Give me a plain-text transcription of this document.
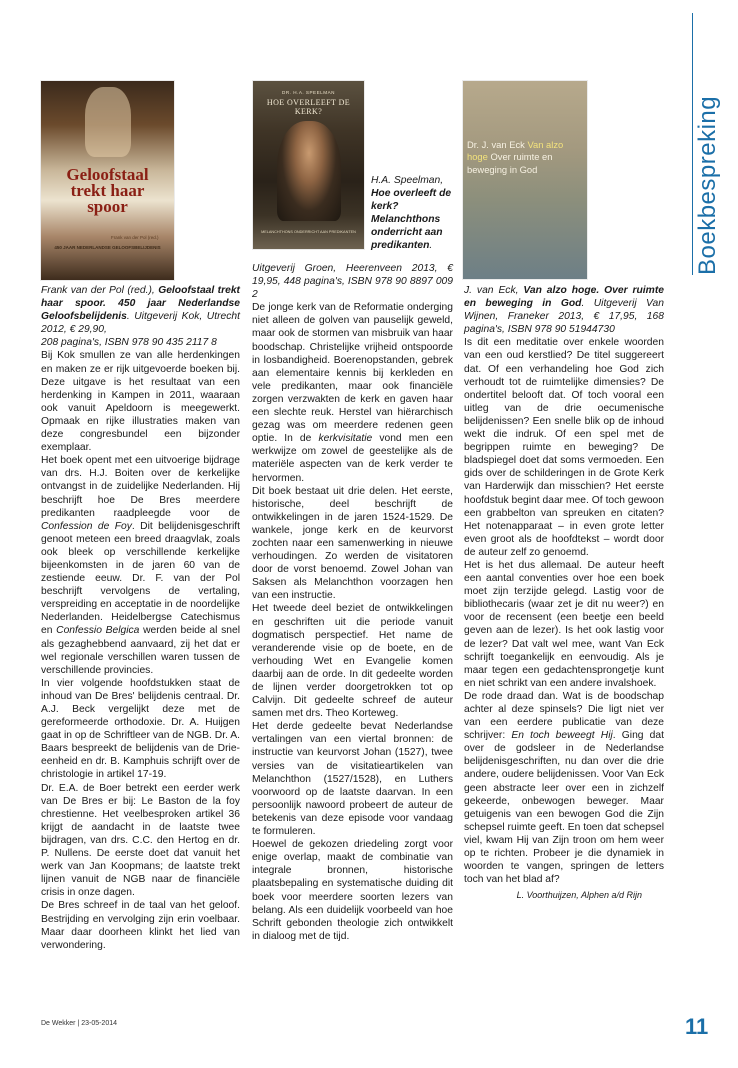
Boekbespreking
Geloofstaal trekt haar spoor
Frank van der Pol (red.)
450 JAAR NEDERLANDSE GELOOFSBELIJDENIS
DR. H.A. SPEELMAN
HOE OVERLEEFT DE KERK?
MELANCHTHONS ONDERRICHT AAN PREDIKANTEN
H.A. Speelman,
Hoe overleeft de kerk? Melanchthons onderricht aan predikanten.
Dr. J. van Eck Van alzo hoge Over ruimte en beweging in God

Frank van der Pol (red.), Geloofstaal trekt haar spoor. 450 jaar Nederlandse Geloofsbelijdenis. Uitgeverij Kok, Utrecht 2012, € 29,90,
208 pagina's, ISBN 978 90 435 2117 8

Bij Kok smullen ze van alle herdenkingen en maken ze er rijk uitgevoerde boeken bij. Deze uitgave is het resultaat van een herdenking in Kampen in 2011, waaraan ook vanuit Apeldoorn is meegewerkt. Opmaak en rijke illustraties maken van deze congresbundel een bijzonder exemplaar.

Het boek opent met een uitvoerige bijdrage van drs. H.J. Boiten over de kerkelijke ontvangst in de zuidelijke Nederlanden. Hij beschrijft hoe De Bres meerdere predikanten raadpleegde voor de Confession de Foy. Dit belijdenisgeschrift genoot meteen een breed draagvlak, zoals ook bleek op verschillende kerkelijke bijeenkomsten in de jaren 60 van de zestiende eeuw. Dr. F. van der Pol beschrijft vervolgens de vertaling, verspreiding en acceptatie in de noordelijke Nederlanden. Heidelbergse Catechismus en Confessio Belgica werden beide al snel als gezaghebbend aanvaard, zij het dat er wel regionale verschillen waren tussen de verschillende provincies.

In vier volgende hoofdstukken staat de inhoud van De Bres' belijdenis centraal. Dr. A.J. Beck vergelijkt deze met de gereformeerde orthodoxie. Dr. A. Huijgen gaat in op de Schriftleer van de NGB. Dr. A. Baars bespreekt de belijdenis van de Drie-eenheid en dr. B. Kamphuis schrijft over de christologie in artikel 17-19.

Dr. E.A. de Boer betrekt een eerder werk van De Bres er bij: Le Baston de la foy chrestienne. Het veelbesproken artikel 36 krijgt de aandacht in de laatste twee bijdragen, van drs. C.C. den Hertog en dr. P. Nullens. De eerste doet dat vanuit het werk van Jan Koopmans; de laatste trekt lijnen vanuit de NGB naar de financiële crisis in onze dagen.

De Bres schreef in de taal van het geloof. Bestrijding en vervolging zijn erin voelbaar. Maar daar doorheen klinkt het lied van verwondering.

Uitgeverij Groen, Heerenveen 2013, € 19,95, 448 pagina's, ISBN 978 90 8897 009 2

De jonge kerk van de Reformatie onderging niet alleen de golven van pauselijk geweld, maar ook de stormen van misbruik van haar boodschap. Christelijke vrijheid ontspoorde in losbandigheid. Boerenopstanden, gebrek aan elementaire kennis bij kerkleden en vele predikanten, maar ook financiële zorgen verzwakten de kerk en gaven haar een slechte reuk. Herstel van hiërarchisch gezag was om meerdere redenen geen optie. In de kerkvisitatie vond men een werkwijze om zowel de geestelijke als de materiële aspecten van de kerk verder te hervormen.

Dit boek bestaat uit drie delen. Het eerste, historische, deel beschrijft de ontwikkelingen in de jaren 1524-1529. De wankele, jonge kerk en de keurvorst zochten naar een samenwerking in nieuwe verhoudingen. Zo werden de visitatoren door de vorst benoemd. Zowel Johan van Saksen als Melanchthon voorzagen hen van een instructie.

Het tweede deel beziet de ontwikkelingen en geschriften uit die periode vanuit dogmatisch perspectief. Het name de veranderende visie op de boete, en de verhouding Wet en Evangelie komen daarbij aan de orde. In dit gedeelte worden de lijnen verder doorgetrokken tot op Calvijn. Dit gedeelte schreef de auteur samen met drs. Theo Korteweg.

Het derde gedeelte bevat Nederlandse vertalingen van een viertal bronnen: de instructie van keurvorst Johan (1527), twee versies van de visitatieartikelen van Melanchthon (1527/1528), en Luthers voorwoord op de laatste daarvan. In een persoonlijk nawoord probeert de auteur de betekenis van deze episode voor vandaag te formuleren.

Hoewel de gekozen driedeling zorgt voor enige overlap, maakt de combinatie van integrale bronnen, historische plaatsbepaling en systematische duiding dit boek voor meerdere soorten lezers van belang. Als een duidelijk voorbeeld van hoe Schrift gebonden theologie zich ontwikkelt in dialoog met de tijd.

J. van Eck, Van alzo hoge. Over ruimte en beweging in God. Uitgeverij Van Wijnen, Franeker 2013, € 17,95, 168 pagina's, ISBN 978 90 51944730

Is dit een meditatie over enkele woorden van een oud kerstlied? De titel suggereert dat. Of een verhandeling hoe God zich verhoudt tot de ruimtelijke dimensies? De ondertitel belooft dat. Of toch vooral een uitleg van de drie oecumenische belijdenissen? Een snelle blik op de inhoud wekt die indruk. Of een spel met de begrippen ruimte en beweging? De bladspiegel doet dat soms vermoeden. Een gids over de schilderingen in de Grote Kerk van Harderwijk dan misschien? Het eerste hoofdstuk begint daar mee. Of toch gewoon een grabbelton van spreuken en citaten? Het notenapparaat – in even grote letter even groot als de hoofdtekst – wordt door de auteur zelf zo genoemd.

Het is het dus allemaal. De auteur heeft een aantal conventies over hoe een boek moet zijn terzijde gelegd. Lastig voor de bibliothecaris (waar zet je dit nu weer?) en voor de recensent (een beetje een beeld geven aan de lezer). Is het ook lastig voor de lezer? Dat valt wel mee, want Van Eck schrijft toegankelijk en eenvoudig. Als je maar tegen een gedachtensprongetje kunt en niet schrikt van een andere invalshoek.

De rode draad dan. Wat is de boodschap achter al deze spinsels? Die ligt niet ver van een eerdere publicatie van deze schrijver: En toch beweegt Hij. Ging dat over de godsleer in de Nederlandse belijdenisgeschriften, nu dan over die drie andere, oudere belijdenissen. Voor Van Eck geen abstracte leer over een in zichzelf gekeerde, onbewogen beweger. Maar getuigenis van een bewogen God die Zijn schepsel ruimte geeft. En toen dat schepsel viel, kwam Hij van Zijn troon om hem weer op te richten. Probeer je die dynamiek in woorden te vangen, springen de letters toch van het blad af?

L. Voorthuijzen, Alphen a/d Rijn

De Wekker | 23-05-2014	11
